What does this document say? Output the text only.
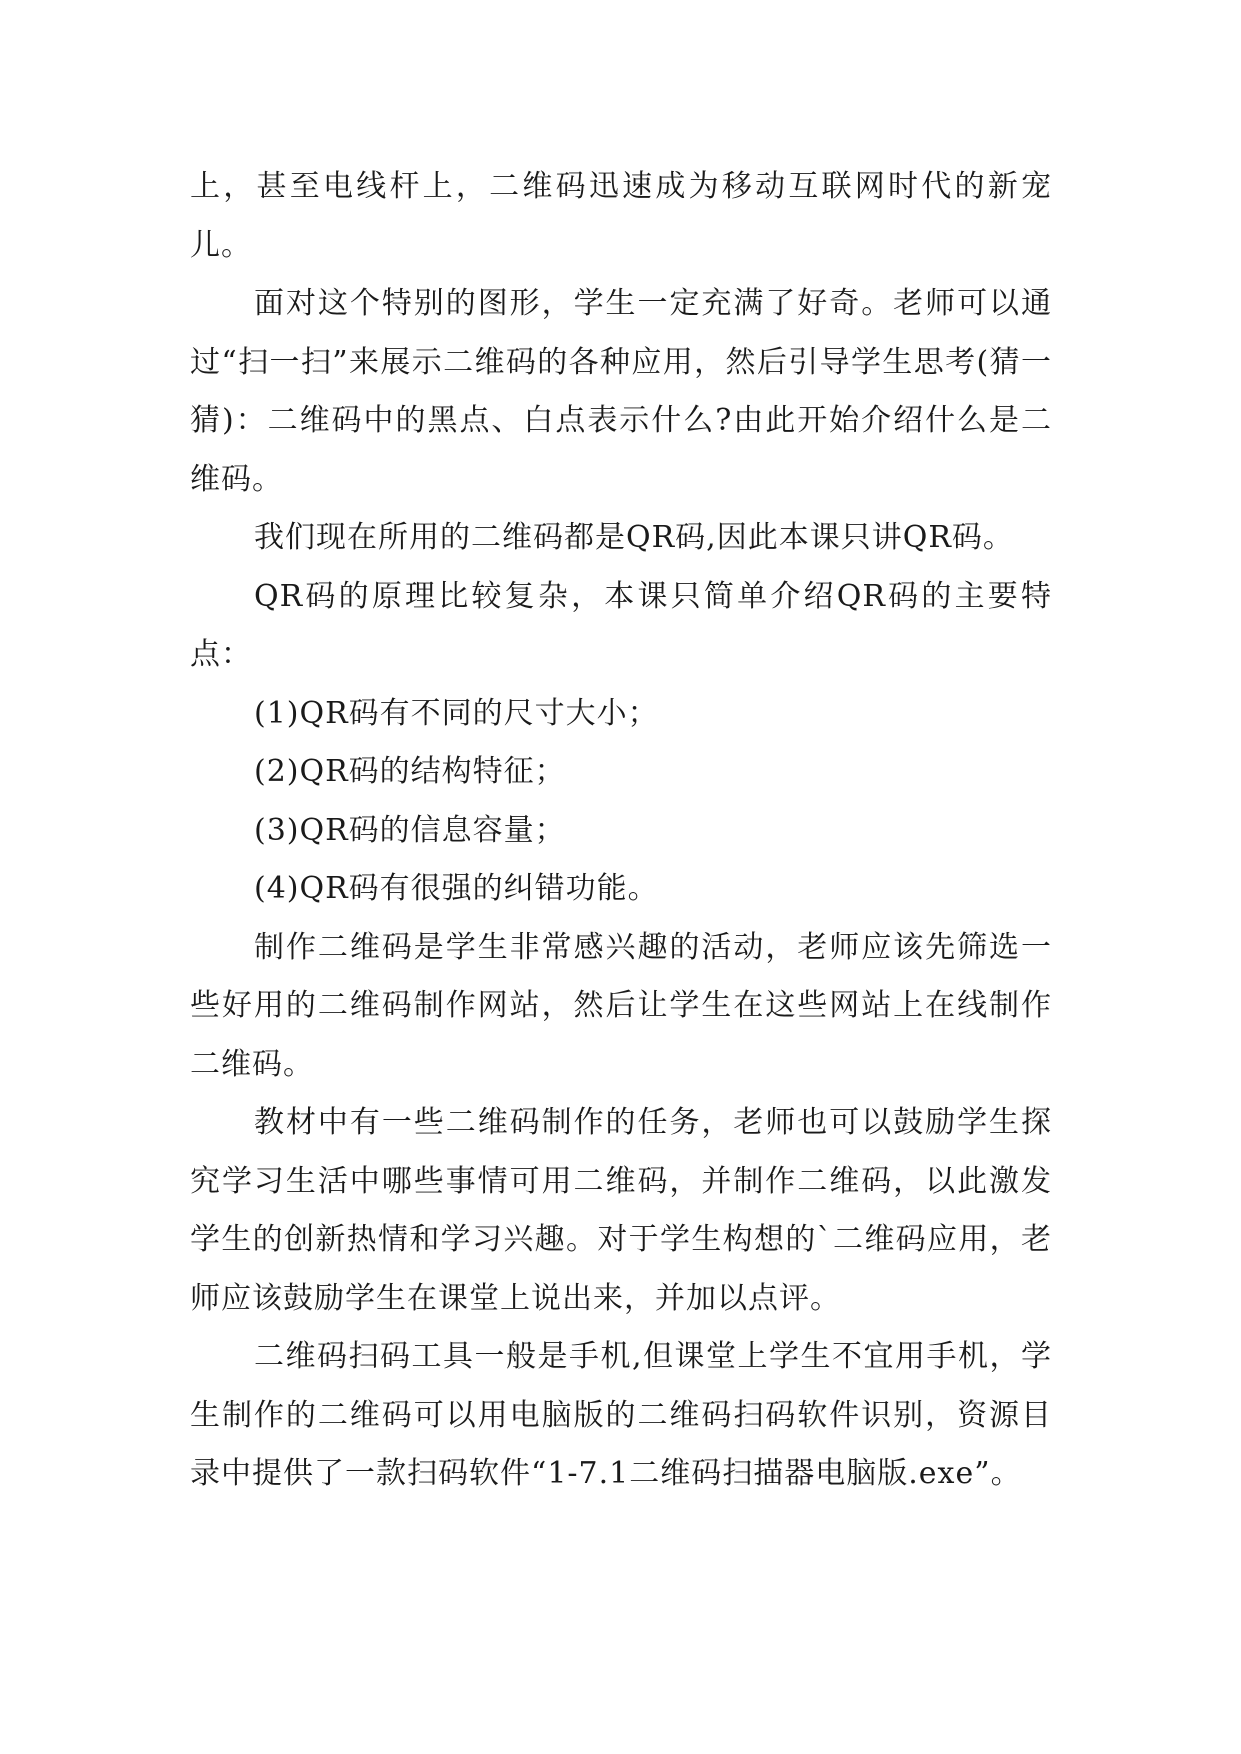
上，甚至电线杆上，二维码迅速成为移动互联网时代的新宠儿。

面对这个特别的图形，学生一定充满了好奇。老师可以通过“扫一扫”来展示二维码的各种应用，然后引导学生思考(猜一猜)：二维码中的黑点、白点表示什么?由此开始介绍什么是二维码。

我们现在所用的二维码都是QR码,因此本课只讲QR码。

QR码的原理比较复杂，本课只简单介绍QR码的主要特点：

(1)QR码有不同的尺寸大小；

(2)QR码的结构特征；

(3)QR码的信息容量；

(4)QR码有很强的纠错功能。

制作二维码是学生非常感兴趣的活动，老师应该先筛选一些好用的二维码制作网站，然后让学生在这些网站上在线制作二维码。

教材中有一些二维码制作的任务，老师也可以鼓励学生探究学习生活中哪些事情可用二维码，并制作二维码，以此激发学生的创新热情和学习兴趣。对于学生构想的`二维码应用，老师应该鼓励学生在课堂上说出来，并加以点评。

二维码扫码工具一般是手机,但课堂上学生不宜用手机，学生制作的二维码可以用电脑版的二维码扫码软件识别，资源目录中提供了一款扫码软件“1-7.1二维码扫描器电脑版.exe”。
